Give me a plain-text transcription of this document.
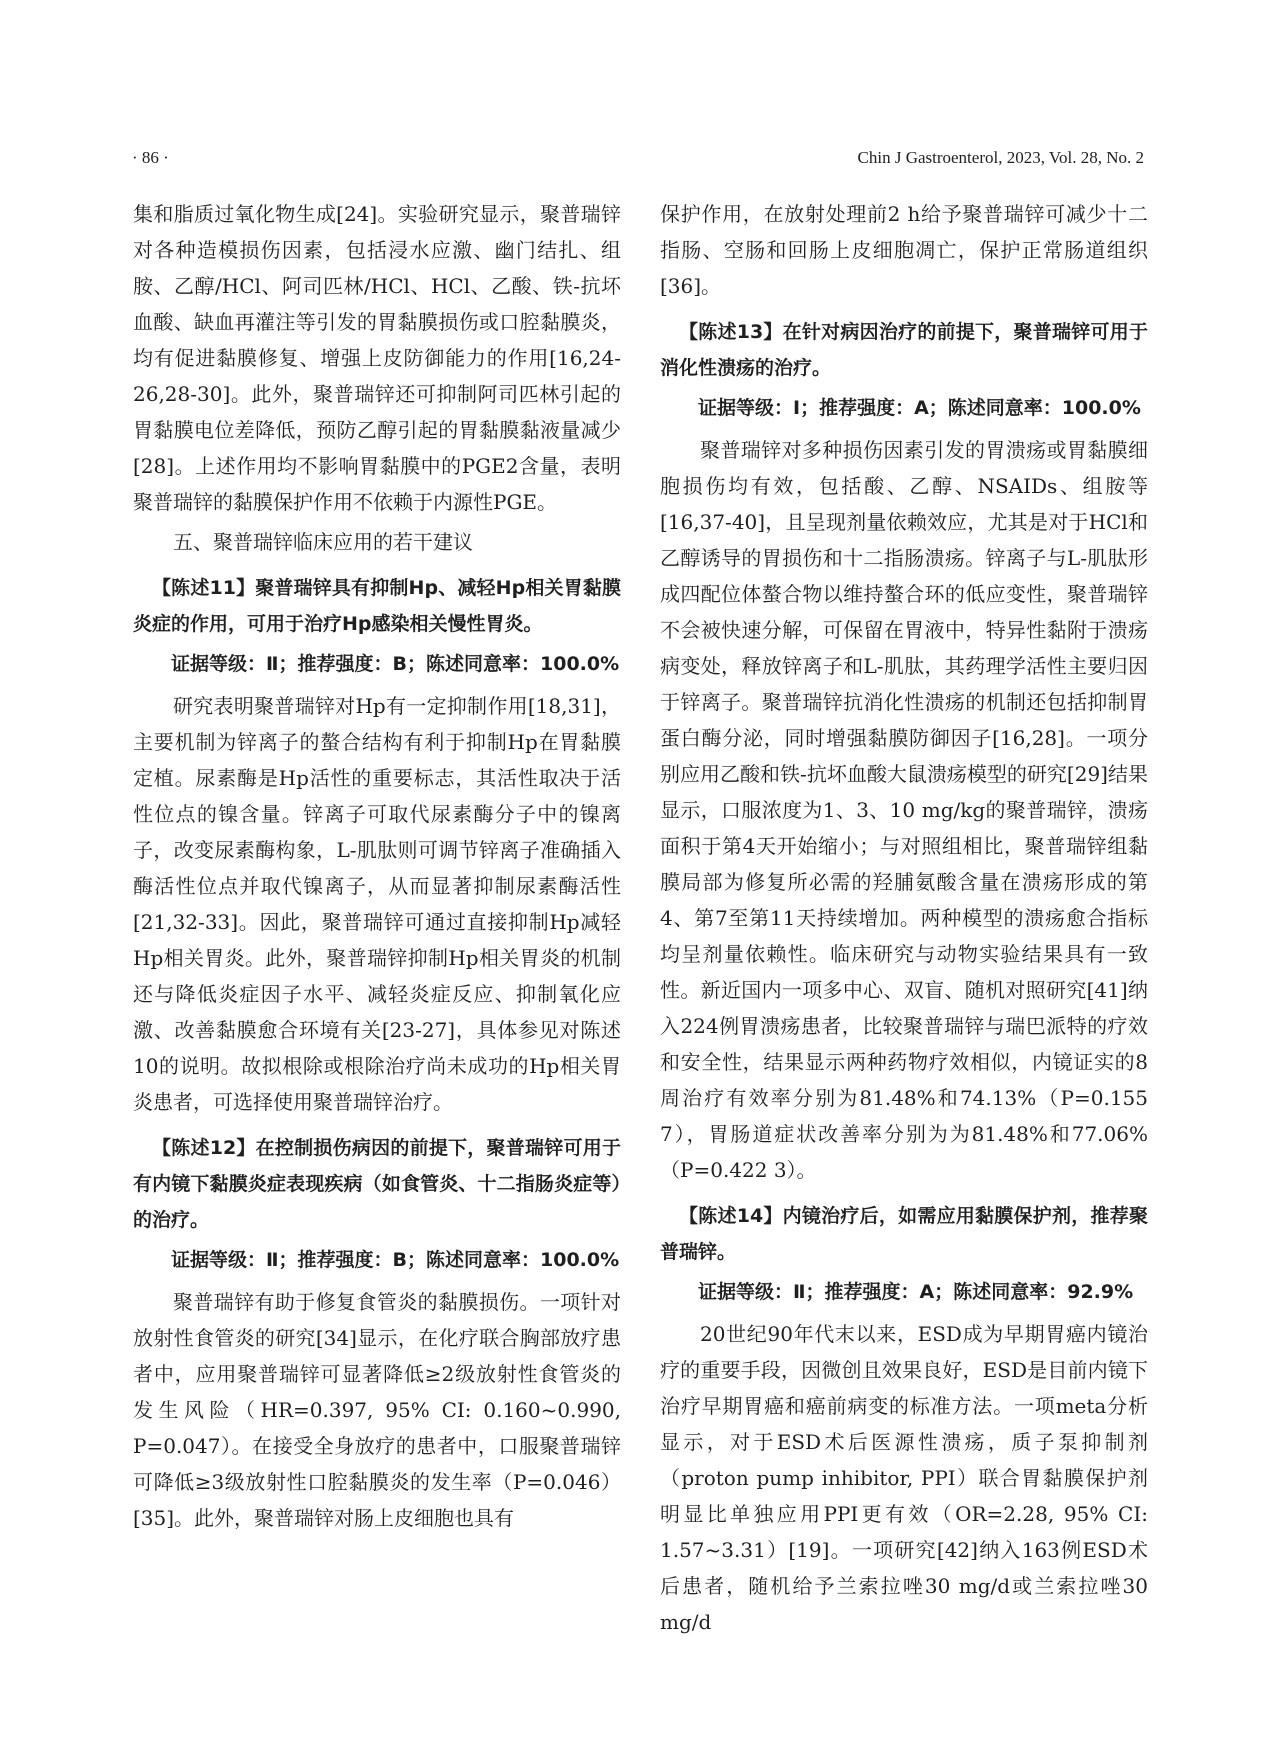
· 86 ·	Chin J Gastroenterol, 2023, Vol. 28, No. 2

集和脂质过氧化物生成[24]。实验研究显示，聚普瑞锌对各种造模损伤因素，包括浸水应激、幽门结扎、组胺、乙醇/HCl、阿司匹林/HCl、HCl、乙酸、铁-抗坏血酸、缺血再灌注等引发的胃黏膜损伤或口腔黏膜炎，均有促进黏膜修复、增强上皮防御能力的作用[16,24-26,28-30]。此外，聚普瑞锌还可抑制阿司匹林引起的胃黏膜电位差降低，预防乙醇引起的胃黏膜黏液量减少[28]。上述作用均不影响胃黏膜中的PGE2含量，表明聚普瑞锌的黏膜保护作用不依赖于内源性PGE。

五、聚普瑞锌临床应用的若干建议

【陈述11】聚普瑞锌具有抑制Hp、减轻Hp相关胃黏膜炎症的作用，可用于治疗Hp感染相关慢性胃炎。

证据等级：Ⅱ；推荐强度：B；陈述同意率：100.0%

研究表明聚普瑞锌对Hp有一定抑制作用[18,31]，主要机制为锌离子的螯合结构有利于抑制Hp在胃黏膜定植。尿素酶是Hp活性的重要标志，其活性取决于活性位点的镍含量。锌离子可取代尿素酶分子中的镍离子，改变尿素酶构象，L-肌肽则可调节锌离子准确插入酶活性位点并取代镍离子，从而显著抑制尿素酶活性[21,32-33]。因此，聚普瑞锌可通过直接抑制Hp减轻Hp相关胃炎。此外，聚普瑞锌抑制Hp相关胃炎的机制还与降低炎症因子水平、减轻炎症反应、抑制氧化应激、改善黏膜愈合环境有关[23-27]，具体参见对陈述10的说明。故拟根除或根除治疗尚未成功的Hp相关胃炎患者，可选择使用聚普瑞锌治疗。

【陈述12】在控制损伤病因的前提下，聚普瑞锌可用于有内镜下黏膜炎症表现疾病（如食管炎、十二指肠炎症等）的治疗。

证据等级：Ⅱ；推荐强度：B；陈述同意率：100.0%

聚普瑞锌有助于修复食管炎的黏膜损伤。一项针对放射性食管炎的研究[34]显示，在化疗联合胸部放疗患者中，应用聚普瑞锌可显著降低≥2级放射性食管炎的发生风险（HR=0.397, 95% CI: 0.160~0.990, P=0.047）。在接受全身放疗的患者中，口服聚普瑞锌可降低≥3级放射性口腔黏膜炎的发生率（P=0.046）[35]。此外，聚普瑞锌对肠上皮细胞也具有

保护作用，在放射处理前2 h给予聚普瑞锌可减少十二指肠、空肠和回肠上皮细胞凋亡，保护正常肠道组织[36]。

【陈述13】在针对病因治疗的前提下，聚普瑞锌可用于消化性溃疡的治疗。

证据等级：Ⅰ；推荐强度：A；陈述同意率：100.0%

聚普瑞锌对多种损伤因素引发的胃溃疡或胃黏膜细胞损伤均有效，包括酸、乙醇、NSAIDs、组胺等[16,37-40]，且呈现剂量依赖效应，尤其是对于HCl和乙醇诱导的胃损伤和十二指肠溃疡。锌离子与L-肌肽形成四配位体螯合物以维持螯合环的低应变性，聚普瑞锌不会被快速分解，可保留在胃液中，特异性黏附于溃疡病变处，释放锌离子和L-肌肽，其药理学活性主要归因于锌离子。聚普瑞锌抗消化性溃疡的机制还包括抑制胃蛋白酶分泌，同时增强黏膜防御因子[16,28]。一项分别应用乙酸和铁-抗坏血酸大鼠溃疡模型的研究[29]结果显示，口服浓度为1、3、10 mg/kg的聚普瑞锌，溃疡面积于第4天开始缩小；与对照组相比，聚普瑞锌组黏膜局部为修复所必需的羟脯氨酸含量在溃疡形成的第4、第7至第11天持续增加。两种模型的溃疡愈合指标均呈剂量依赖性。临床研究与动物实验结果具有一致性。新近国内一项多中心、双盲、随机对照研究[41]纳入224例胃溃疡患者，比较聚普瑞锌与瑞巴派特的疗效和安全性，结果显示两种药物疗效相似，内镜证实的8周治疗有效率分别为81.48%和74.13%（P=0.155 7），胃肠道症状改善率分别为为81.48%和77.06%（P=0.422 3）。

【陈述14】内镜治疗后，如需应用黏膜保护剂，推荐聚普瑞锌。

证据等级：Ⅱ；推荐强度：A；陈述同意率：92.9%

20世纪90年代末以来，ESD成为早期胃癌内镜治疗的重要手段，因微创且效果良好，ESD是目前内镜下治疗早期胃癌和癌前病变的标准方法。一项meta分析显示，对于ESD术后医源性溃疡，质子泵抑制剂（proton pump inhibitor, PPI）联合胃黏膜保护剂明显比单独应用PPI更有效（OR=2.28, 95% CI: 1.57~3.31）[19]。一项研究[42]纳入163例ESD术后患者，随机给予兰索拉唑30 mg/d或兰索拉唑30 mg/d
